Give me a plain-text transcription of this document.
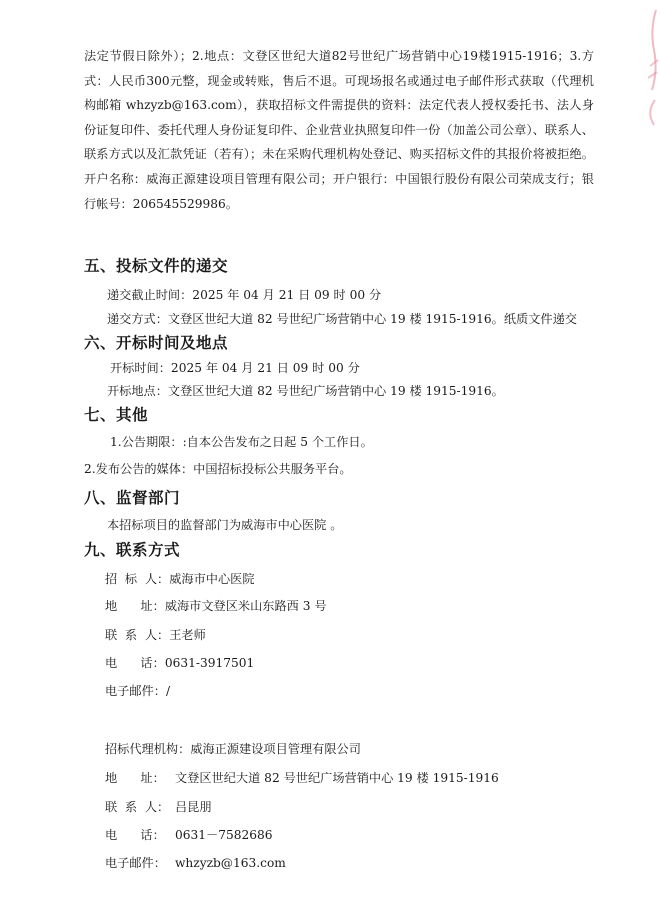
法定节假日除外）；2.地点：文登区世纪大道82号世纪广场营销中心19楼1915-1916；3.方式：人民币300元整，现金或转账，售后不退。可现场报名或通过电子邮件形式获取（代理机构邮箱 whzyzb@163.com），获取招标文件需提供的资料：法定代表人授权委托书、法人身份证复印件、委托代理人身份证复印件、企业营业执照复印件一份（加盖公司公章）、联系人、联系方式以及汇款凭证（若有）；未在采购代理机构处登记、购买招标文件的其报价将被拒绝。开户名称：威海正源建设项目管理有限公司；开户银行：中国银行股份有限公司荣成支行；银行帐号：206545529986。

五、投标文件的递交

递交截止时间：2025 年 04 月 21 日 09 时 00 分

递交方式：文登区世纪大道 82 号世纪广场营销中心 19 楼 1915-1916。纸质文件递交

六、开标时间及地点

开标时间：2025 年 04 月 21 日 09 时 00 分

开标地点：文登区世纪大道 82 号世纪广场营销中心 19 楼 1915-1916。

七、其他

1.公告期限：:自本公告发布之日起 5 个工作日。

2.发布公告的媒体：中国招标投标公共服务平台。

八、监督部门

本招标项目的监督部门为威海市中心医院 。

九、联系方式

招  标  人：威海市中心医院

地      址：威海市文登区米山东路西 3 号

联  系  人：王老师

电      话：0631-3917501

电子邮件：/

招标代理机构：威海正源建设项目管理有限公司

地      址： 文登区世纪大道 82 号世纪广场营销中心 19 楼 1915-1916

联  系  人： 吕昆朋

电      话： 0631－7582686

电子邮件： whzyzb@163.com
